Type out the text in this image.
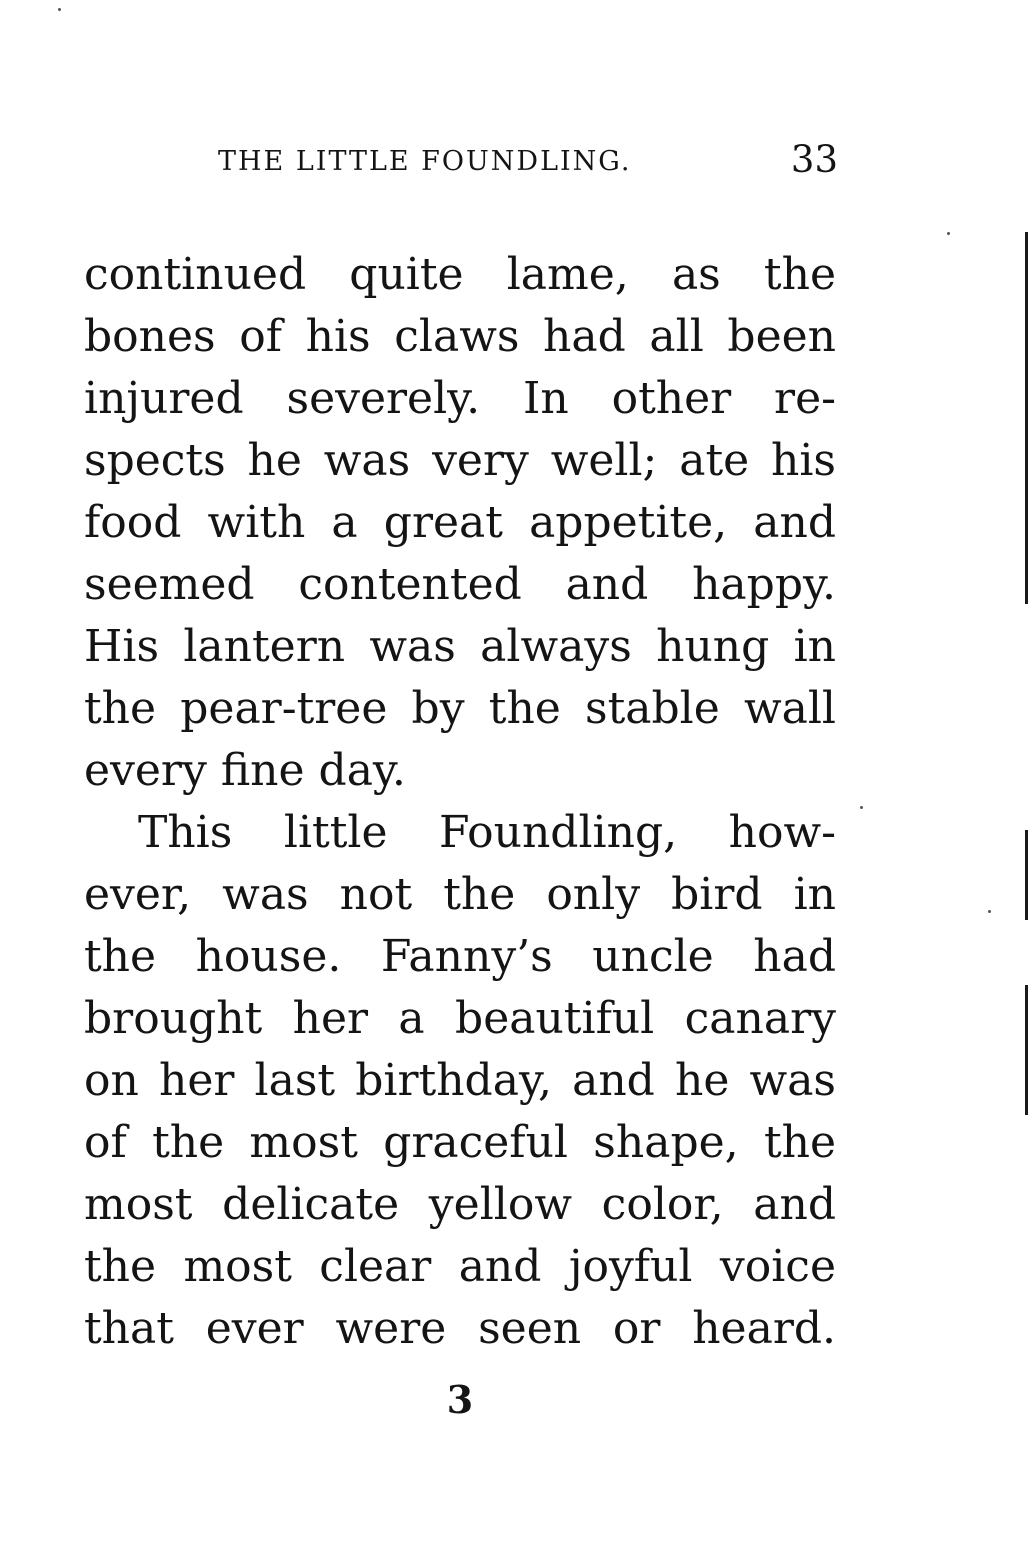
THE LITTLE FOUNDLING.	33
continued quite lame, as the
bones of his claws had all been
injured severely. In other re-
spects he was very well; ate his
food with a great appetite, and
seemed contented and happy.
His lantern was always hung in
the pear-tree by the stable wall
every fine day.
This little Foundling, how-
ever, was not the only bird in
the house. Fanny’s uncle had
brought her a beautiful canary
on her last birthday, and he was
of the most graceful shape, the
most delicate yellow color, and
the most clear and joyful voice
that ever were seen or heard.
3
